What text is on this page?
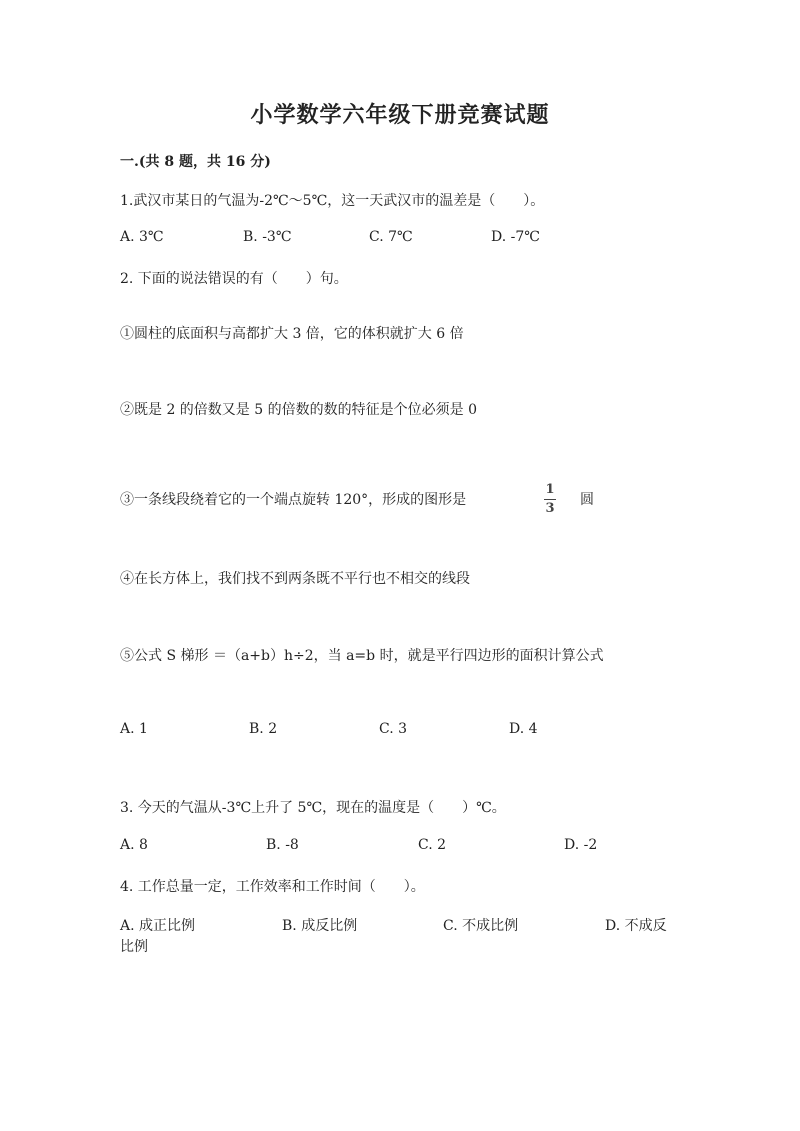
小学数学六年级下册竞赛试题
一.(共 8 题，共 16 分)
1.武汉市某日的气温为-2℃～5℃，这一天武汉市的温差是（　　）。
A. 3℃	B. -3℃	C. 7℃	D. -7℃
2. 下面的说法错误的有（　　）句。
①圆柱的底面积与高都扩大 3 倍，它的体积就扩大 6 倍
②既是 2 的倍数又是 5 的倍数的数的特征是个位必须是 0
③一条线段绕着它的一个端点旋转 120°，形成的图形是
1
3
圆
④在长方体上，我们找不到两条既不平行也不相交的线段
⑤公式 S 梯形 ＝（a+b）h÷2，当 a=b 时，就是平行四边形的面积计算公式
A. 1	B. 2	C. 3	D. 4
3. 今天的气温从-3℃上升了 5℃，现在的温度是（　　）℃。
A. 8	B. -8	C. 2	D. -2
4. 工作总量一定，工作效率和工作时间（　　）。
A. 成正比例	B. 成反比例	C. 不成比例	D. 不成反
比例
